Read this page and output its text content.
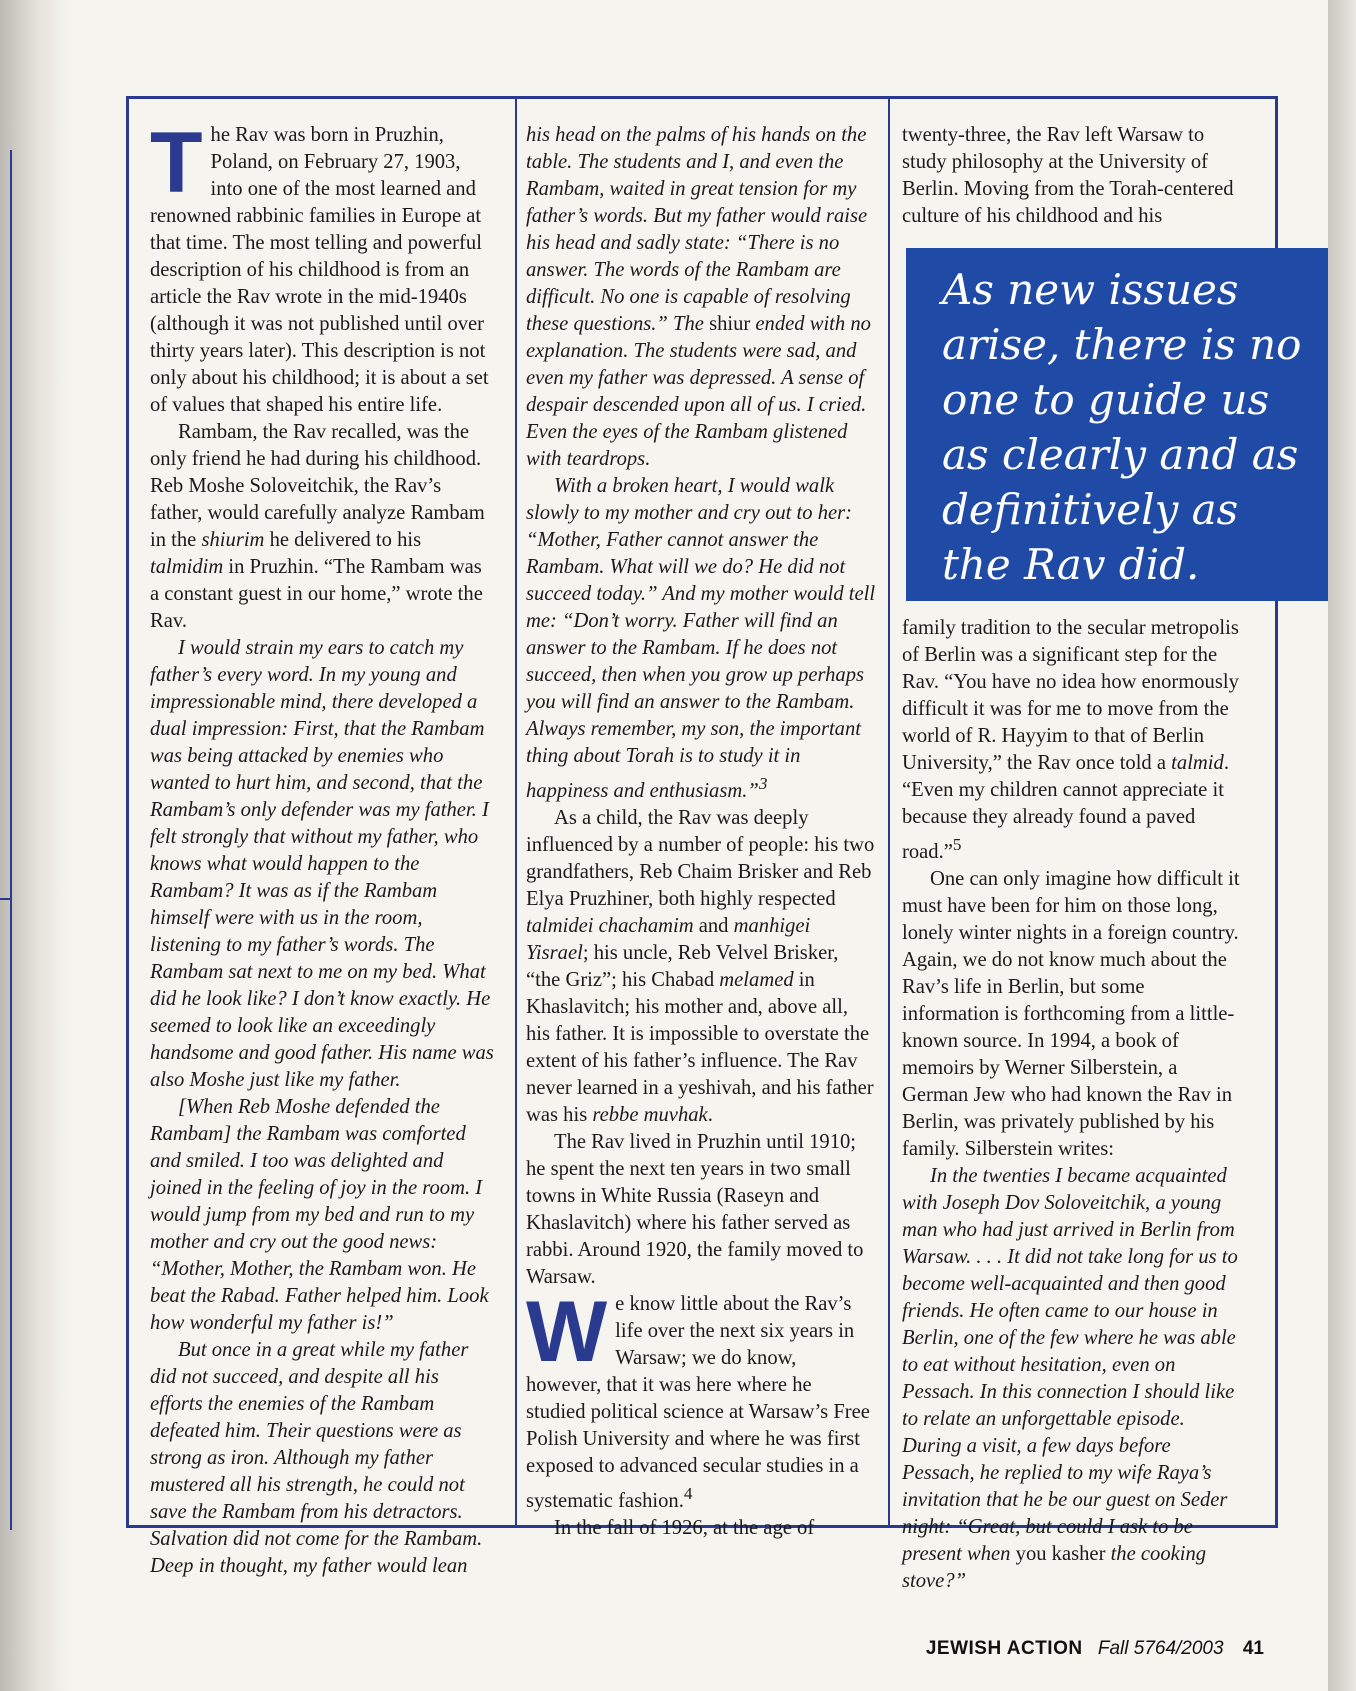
The Rav was born in Pruzhin, Poland, on February 27, 1903, into one of the most learned and renowned rabbinic families in Europe at that time. The most telling and powerful description of his childhood is from an article the Rav wrote in the mid-1940s (although it was not published until over thirty years later). This description is not only about his childhood; it is about a set of values that shaped his entire life.

Rambam, the Rav recalled, was the only friend he had during his childhood. Reb Moshe Soloveitchik, the Rav’s father, would carefully analyze Rambam in the shiurim he delivered to his talmidim in Pruzhin. “The Rambam was a constant guest in our home,” wrote the Rav.

I would strain my ears to catch my father’s every word. In my young and impressionable mind, there developed a dual impression: First, that the Rambam was being attacked by enemies who wanted to hurt him, and second, that the Rambam’s only defender was my father. I felt strongly that without my father, who knows what would happen to the Rambam? It was as if the Rambam himself were with us in the room, listening to my father’s words. The Rambam sat next to me on my bed. What did he look like? I don’t know exactly. He seemed to look like an exceedingly handsome and good father. His name was also Moshe just like my father.

[When Reb Moshe defended the Rambam] the Rambam was comforted and smiled. I too was delighted and joined in the feeling of joy in the room. I would jump from my bed and run to my mother and cry out the good news: “Mother, Mother, the Rambam won. He beat the Rabad. Father helped him. Look how wonderful my father is!”

But once in a great while my father did not succeed, and despite all his efforts the enemies of the Rambam defeated him. Their questions were as strong as iron. Although my father mustered all his strength, he could not save the Rambam from his detractors. Salvation did not come for the Rambam. Deep in thought, my father would lean

his head on the palms of his hands on the table. The students and I, and even the Rambam, waited in great tension for my father’s words. But my father would raise his head and sadly state: “There is no answer. The words of the Rambam are difficult. No one is capable of resolving these questions.” The shiur ended with no explanation. The students were sad, and even my father was depressed. A sense of despair descended upon all of us. I cried. Even the eyes of the Rambam glistened with teardrops.

With a broken heart, I would walk slowly to my mother and cry out to her: “Mother, Father cannot answer the Rambam. What will we do? He did not succeed today.” And my mother would tell me: “Don’t worry. Father will find an answer to the Rambam. If he does not succeed, then when you grow up perhaps you will find an answer to the Rambam. Always remember, my son, the important thing about Torah is to study it in happiness and enthusiasm.”$^3$

As a child, the Rav was deeply influenced by a number of people: his two grandfathers, Reb Chaim Brisker and Reb Elya Pruzhiner, both highly respected talmidei chachamim and manhigei Yisrael; his uncle, Reb Velvel Brisker, “the Griz”; his Chabad melamed in Khaslavitch; his mother and, above all, his father. It is impossible to overstate the extent of his father’s influence. The Rav never learned in a yeshivah, and his father was his rebbe muvhak.

The Rav lived in Pruzhin until 1910; he spent the next ten years in two small towns in White Russia (Raseyn and Khaslavitch) where his father served as rabbi. Around 1920, the family moved to Warsaw.

We know little about the Rav’s life over the next six years in Warsaw; we do know, however, that it was here where he studied political science at Warsaw’s Free Polish University and where he was first exposed to advanced secular studies in a systematic fashion.$^4$

In the fall of 1926, at the age of

twenty-three, the Rav left Warsaw to study philosophy at the University of Berlin. Moving from the Torah-centered culture of his childhood and his

As new issues arise, there is no one to guide us as clearly and as definitively as the Rav did.

family tradition to the secular metropolis of Berlin was a significant step for the Rav. “You have no idea how enormously difficult it was for me to move from the world of R. Hayyim to that of Berlin University,” the Rav once told a talmid. “Even my children cannot appreciate it because they already found a paved road.”$^5$

One can only imagine how difficult it must have been for him on those long, lonely winter nights in a foreign country. Again, we do not know much about the Rav’s life in Berlin, but some information is forthcoming from a little-known source. In 1994, a book of memoirs by Werner Silberstein, a German Jew who had known the Rav in Berlin, was privately published by his family. Silberstein writes:

In the twenties I became acquainted with Joseph Dov Soloveitchik, a young man who had just arrived in Berlin from Warsaw. . . . It did not take long for us to become well-acquainted and then good friends. He often came to our house in Berlin, one of the few where he was able to eat without hesitation, even on Pessach. In this connection I should like to relate an unforgettable episode. During a visit, a few days before Pessach, he replied to my wife Raya’s invitation that he be our guest on Seder night: “Great, but could I ask to be present when you kasher the cooking stove?”

JEWISH ACTION Fall 5764/2003 41
